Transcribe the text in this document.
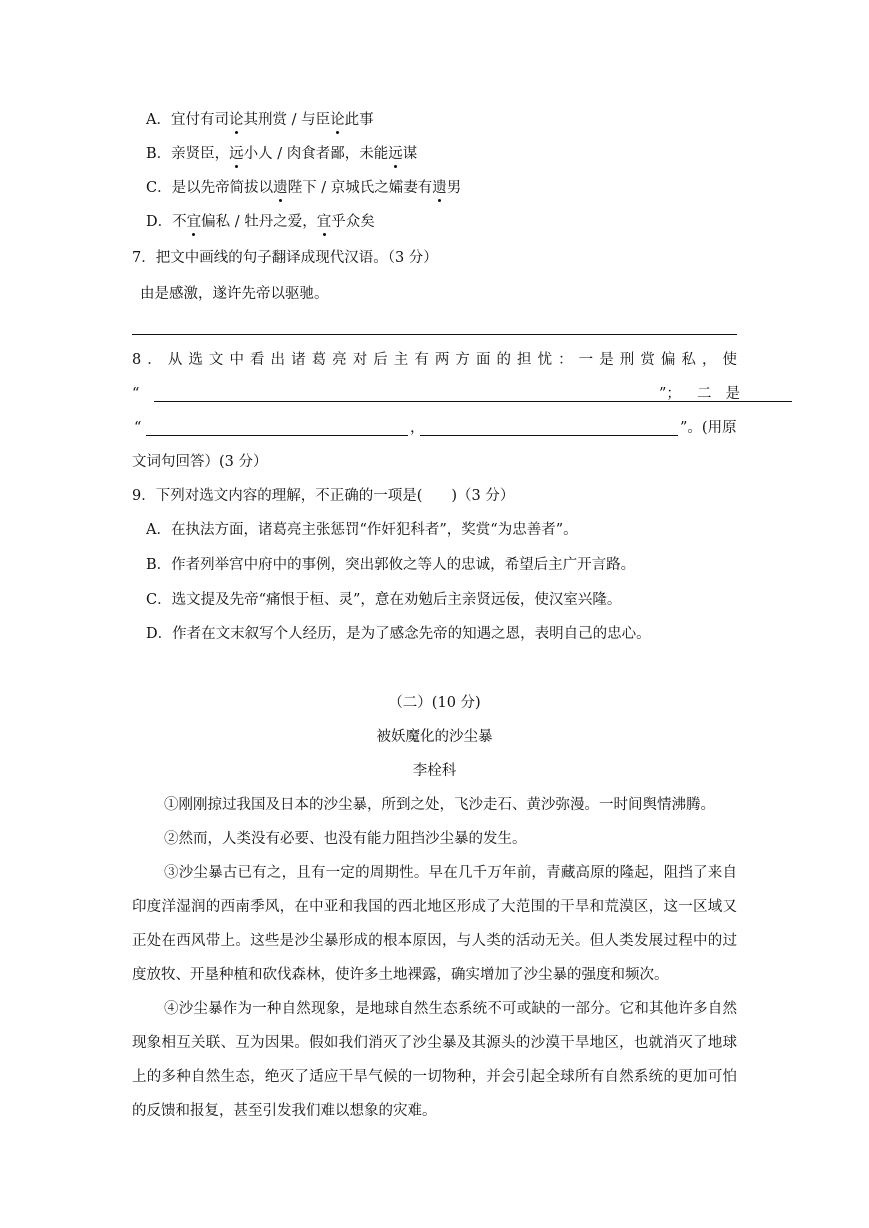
A．宜付有司论其刑赏 / 与臣论此事
B．亲贤臣，远小人 / 肉食者鄙，未能远谋
C．是以先帝简拔以遗陛下 / 京城氏之孀妻有遗男
D．不宜偏私 / 牡丹之爱，宜乎众矣
7．把文中画线的句子翻译成现代汉语。（3 分）
由是感激，遂许先帝以驱驰。
8．从选文中看出诸葛亮对后主有两方面的担忧：一是刑赏偏私，使
“	”； 二是
“	，	”。(用原
文词句回答）(3 分）
9．下列对选文内容的理解，不正确的一项是(　　)（3 分）
A．在执法方面，诸葛亮主张惩罚“作奸犯科者”，奖赏“为忠善者”。
B．作者列举宫中府中的事例，突出郭攸之等人的忠诚，希望后主广开言路。
C．选文提及先帝“痛恨于桓、灵”，意在劝勉后主亲贤远佞，使汉室兴隆。
D．作者在文末叙写个人经历，是为了感念先帝的知遇之恩，表明自己的忠心。
（二）(10 分)
被妖魔化的沙尘暴
李栓科
①刚刚掠过我国及日本的沙尘暴，所到之处，飞沙走石、黄沙弥漫。一时间舆情沸腾。
②然而，人类没有必要、也没有能力阻挡沙尘暴的发生。
③沙尘暴古已有之，且有一定的周期性。早在几千万年前，青藏高原的隆起，阻挡了来自印度洋湿润的西南季风，在中亚和我国的西北地区形成了大范围的干旱和荒漠区，这一区域又正处在西风带上。这些是沙尘暴形成的根本原因，与人类的活动无关。但人类发展过程中的过度放牧、开垦种植和砍伐森林，使许多土地裸露，确实增加了沙尘暴的强度和频次。
④沙尘暴作为一种自然现象，是地球自然生态系统不可或缺的一部分。它和其他许多自然现象相互关联、互为因果。假如我们消灭了沙尘暴及其源头的沙漠干旱地区，也就消灭了地球上的多种自然生态，绝灭了适应干旱气候的一切物种，并会引起全球所有自然系统的更加可怕的反馈和报复，甚至引发我们难以想象的灾难。
